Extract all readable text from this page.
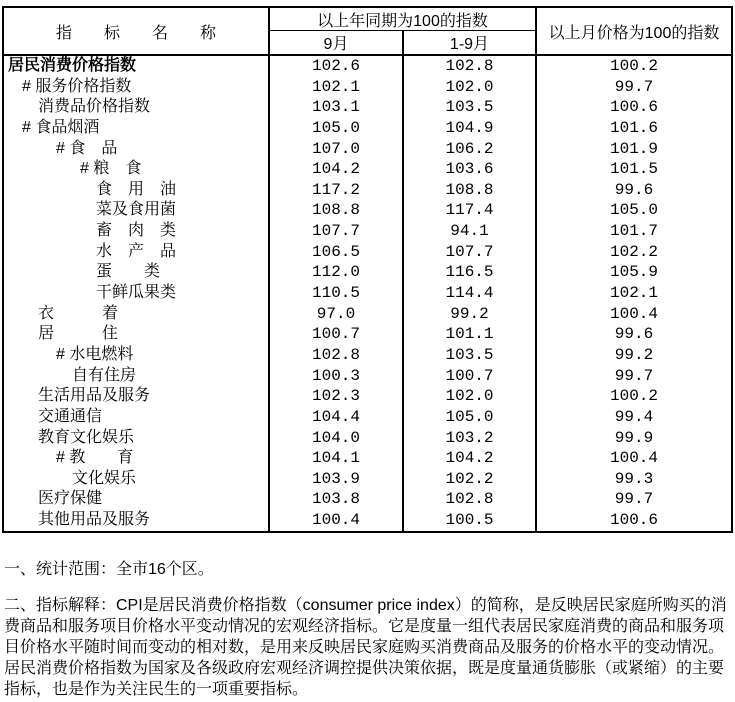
指　　标　　名　　称
以上年同期为100的指数
以上月价格为100的指数
9月	1-9月
居民消费价格指数	102.6	102.8	100.2
# 服务价格指数	102.1	102.0	99.7
消费品价格指数	103.1	103.5	100.6
# 食品烟酒	105.0	104.9	101.6
# 食　品	107.0	106.2	101.9
# 粮　食	104.2	103.6	101.5
食　用　油	117.2	108.8	99.6
菜及食用菌	108.8	117.4	105.0
畜　肉　类	107.7	94.1	101.7
水　产　品	106.5	107.7	102.2
蛋　　类	112.0	116.5	105.9
干鲜瓜果类	110.5	114.4	102.1
衣　　　着	97.0	99.2	100.4
居　　　住	100.7	101.1	99.6
# 水电燃料	102.8	103.5	99.2
自有住房	100.3	100.7	99.7
生活用品及服务	102.3	102.0	100.2
交通通信	104.4	105.0	99.4
教育文化娱乐	104.0	103.2	99.9
# 教　　育	104.1	104.2	100.4
文化娱乐	103.9	102.2	99.3
医疗保健	103.8	102.8	99.7
其他用品及服务	100.4	100.5	100.6

一、统计范围：全市16个区。

二、指标解释：CPI是居民消费价格指数（consumer price index）的简称，是反映居民家庭所购买的消费商品和服务项目价格水平变动情况的宏观经济指标。它是度量一组代表居民家庭消费的商品和服务项目价格水平随时间而变动的相对数，是用来反映居民家庭购买消费商品及服务的价格水平的变动情况。居民消费价格指数为国家及各级政府宏观经济调控提供决策依据，既是度量通货膨胀（或紧缩）的主要指标，也是作为关注民生的一项重要指标。
